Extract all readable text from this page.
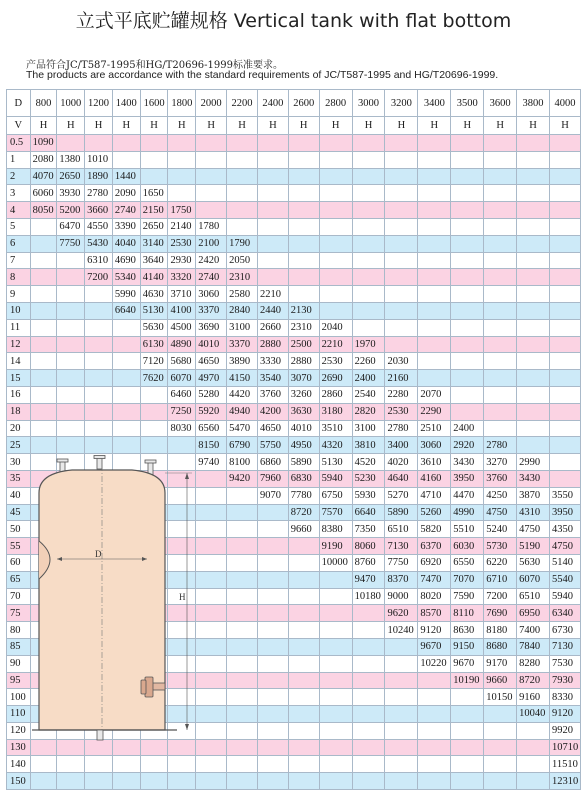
立式平底贮罐规格 Vertical tank with flat bottom
产品符合JC/T587-1995和HG/T20696-1999标准要求。
The products are accordance with the standard requirements of JC/T587-1995 and HG/T20696-1999.
D	800	1000	1200	1400	1600	1800	2000	2200	2400	2600	2800	3000	3200	3400	3500	3600	3800	4000
V	H	H	H	H	H	H	H	H	H	H	H	H	H	H	H	H	H	H
0.5	1090																	
1	2080	1380	1010															
2	4070	2650	1890	1440														
3	6060	3930	2780	2090	1650													
4	8050	5200	3660	2740	2150	1750												
5		6470	4550	3390	2650	2140	1780											
6		7750	5430	4040	3140	2530	2100	1790										
7			6310	4690	3640	2930	2420	2050										
8			7200	5340	4140	3320	2740	2310										
9				5990	4630	3710	3060	2580	2210									
10				6640	5130	4100	3370	2840	2440	2130								
11					5630	4500	3690	3100	2660	2310	2040							
12					6130	4890	4010	3370	2880	2500	2210	1970						
14					7120	5680	4650	3890	3330	2880	2530	2260	2030					
15					7620	6070	4970	4150	3540	3070	2690	2400	2160					
16						6460	5280	4420	3760	3260	2860	2540	2280	2070				
18						7250	5920	4940	4200	3630	3180	2820	2530	2290				
20						8030	6560	5470	4650	4010	3510	3100	2780	2510	2400			
25							8150	6790	5750	4950	4320	3810	3400	3060	2920	2780		
30							9740	8100	6860	5890	5130	4520	4020	3610	3430	3270	2990	
35								9420	7960	6830	5940	5230	4640	4160	3950	3760	3430	
40									9070	7780	6750	5930	5270	4710	4470	4250	3870	3550
45										8720	7570	6640	5890	5260	4990	4750	4310	3950
50										9660	8380	7350	6510	5820	5510	5240	4750	4350
55											9190	8060	7130	6370	6030	5730	5190	4750
60											10000	8760	7750	6920	6550	6220	5630	5140
65												9470	8370	7470	7070	6710	6070	5540
70												10180	9000	8020	7590	7200	6510	5940
75													9620	8570	8110	7690	6950	6340
80													10240	9120	8630	8180	7400	6730
85														9670	9150	8680	7840	7130
90														10220	9670	9170	8280	7530
95															10190	9660	8720	7930
100																10150	9160	8330
110																	10040	9120
120																		9920
130																		10710
140																		11510
150																		12310
D
H
